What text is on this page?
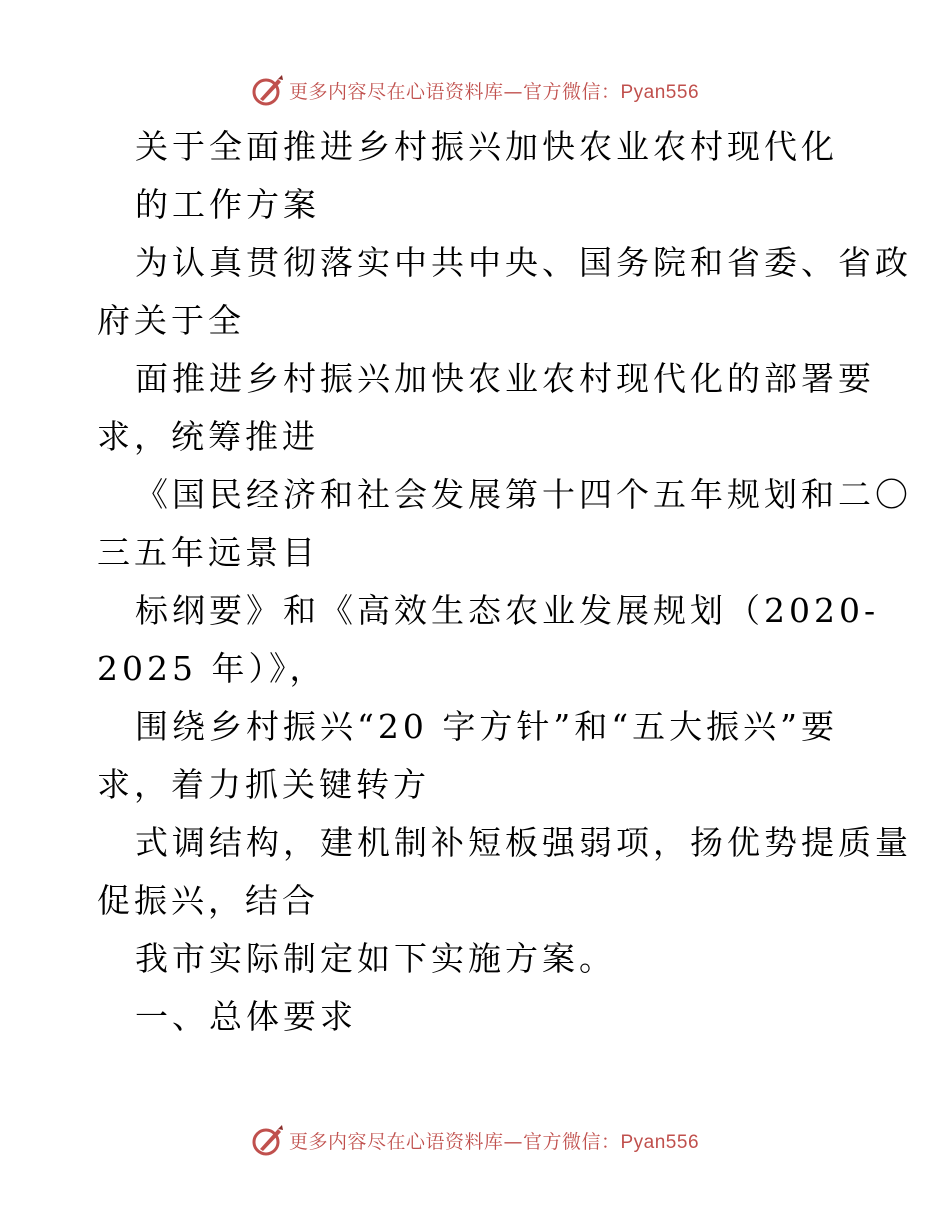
更多内容尽在心语资料库—官方微信：Pyan556
关于全面推进乡村振兴加快农业农村现代化
的工作方案
为认真贯彻落实中共中央、国务院和省委、省政
府关于全
面推进乡村振兴加快农业农村现代化的部署要
求，统筹推进
《国民经济和社会发展第十四个五年规划和二〇
三五年远景目
标纲要》和《高效生态农业发展规划（2020-
2025 年）》，
围绕乡村振兴“20 字方针”和“五大振兴”要
求，着力抓关键转方
式调结构，建机制补短板强弱项，扬优势提质量
促振兴，结合
我市实际制定如下实施方案。
一、总体要求
更多内容尽在心语资料库—官方微信：Pyan556
